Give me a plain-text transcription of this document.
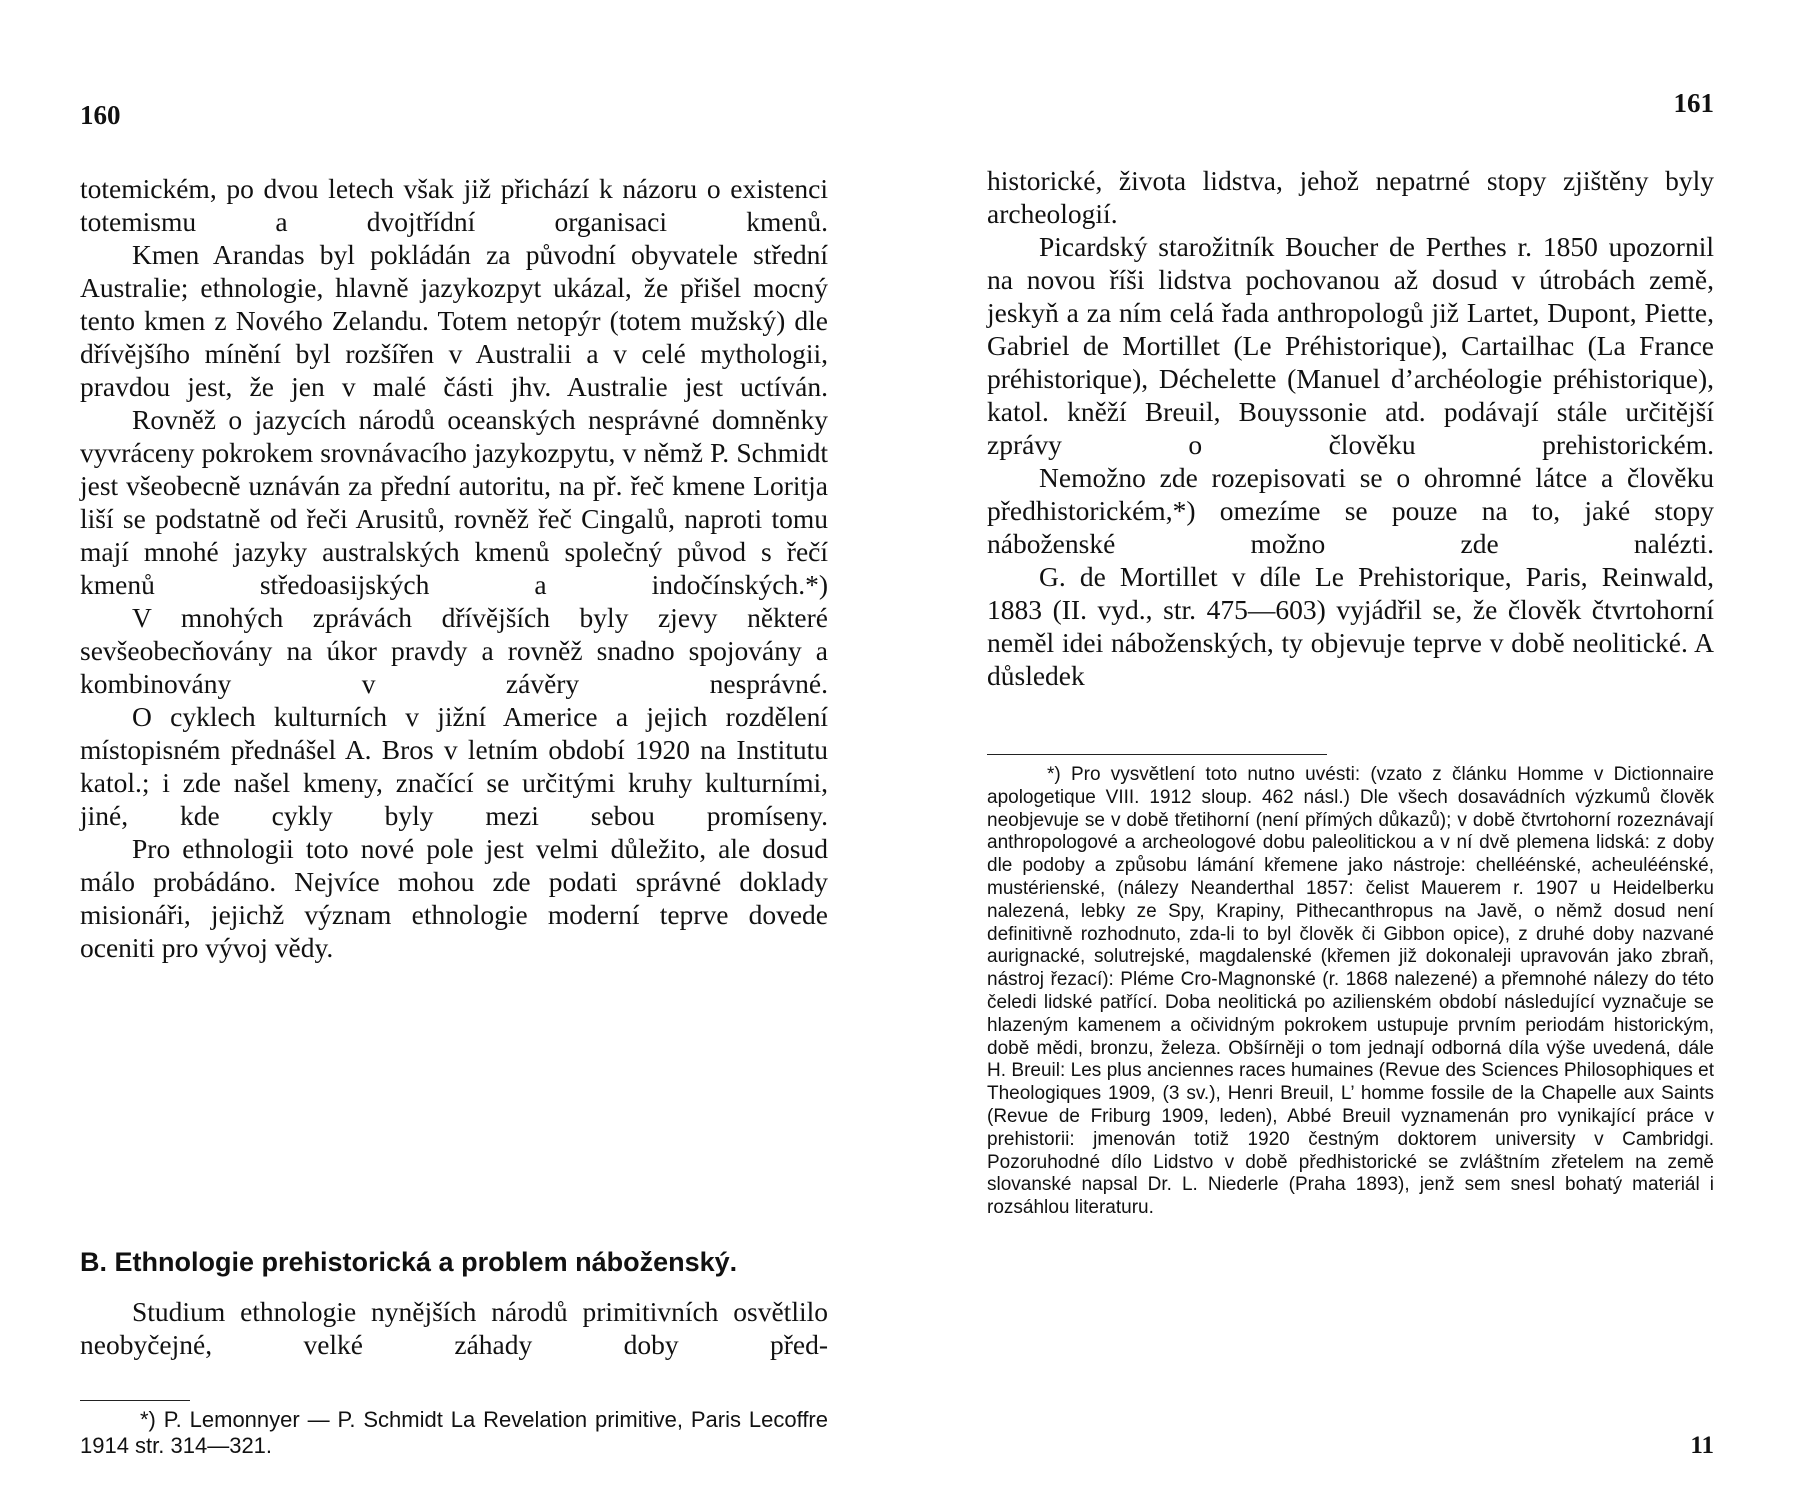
160

totemickém, po dvou letech však již přichází k názoru o existenci totemismu a dvojtřídní organisaci kmenů.

Kmen Arandas byl pokládán za původní obyvatele střední Australie; ethnologie, hlavně jazykozpyt ukázal, že přišel mocný tento kmen z Nového Zelandu. Totem netopýr (totem mužský) dle dřívějšího mínění byl rozšířen v Australii a v celé mythologii, pravdou jest, že jen v malé části jhv. Australie jest uctíván.

Rovněž o jazycích národů oceanských nesprávné domněnky vyvráceny pokrokem srovnávacího jazykozpytu, v němž P. Schmidt jest všeobecně uznáván za přední autoritu, na př. řeč kmene Loritja liší se podstatně od řeči Arusitů, rovněž řeč Cingalů, naproti tomu mají mnohé jazyky australských kmenů společný původ s řečí kmenů středoasijských a indočínských.*)

V mnohých zprávách dřívějších byly zjevy některé sevšeobecňovány na úkor pravdy a rovněž snadno spojovány a kombinovány v závěry nesprávné.

O cyklech kulturních v jižní Americe a jejich rozdělení místopisném přednášel A. Bros v letním období 1920 na Institutu katol.; i zde našel kmeny, značící se určitými kruhy kulturními, jiné, kde cykly byly mezi sebou promíseny.

Pro ethnologii toto nové pole jest velmi důležito, ale dosud málo probádáno. Nejvíce mohou zde podati správné doklady misionáři, jejichž význam ethnologie moderní teprve dovede oceniti pro vývoj vědy.

B. Ethnologie prehistorická a problem náboženský.

Studium ethnologie nynějších národů primitivních osvětlilo neobyčejné, velké záhady doby před-

*) P. Lemonnyer — P. Schmidt La Revelation primitive, Paris Lecoffre 1914 str. 314—321.

161

historické, života lidstva, jehož nepatrné stopy zjištěny byly archeologií.

Picardský starožitník Boucher de Perthes r. 1850 upozornil na novou říši lidstva pochovanou až dosud v útrobách země, jeskyň a za ním celá řada anthropologů již Lartet, Dupont, Piette, Gabriel de Mortillet (Le Préhistorique), Cartailhac (La France préhistorique), Déchelette (Manuel d’archéologie préhistorique), katol. kněží Breuil, Bouyssonie atd. podávají stále určitější zprávy o člověku prehistorickém.

Nemožno zde rozepisovati se o ohromné látce a člověku předhistorickém,*) omezíme se pouze na to, jaké stopy náboženské možno zde nalézti.

G. de Mortillet v díle Le Prehistorique, Paris, Reinwald, 1883 (II. vyd., str. 475—603) vyjádřil se, že člověk čtvrtohorní neměl idei náboženských, ty objevuje teprve v době neolitické. A důsledek

*) Pro vysvětlení toto nutno uvésti: (vzato z článku Homme v Dictionnaire apologetique VIII. 1912 sloup. 462 násl.) Dle všech dosavádních výzkumů člověk neobjevuje se v době třetihorní (není přímých důkazů); v době čtvrtohorní rozeznávají anthropologové a archeologové dobu paleolitickou a v ní dvě plemena lidská: z doby dle podoby a způsobu lámání křemene jako nástroje: chelléénské, acheuléénské, mustérienské, (nálezy Neanderthal 1857: čelist Mauerem r. 1907 u Heidelberku nalezená, lebky ze Spy, Krapiny, Pithecanthropus na Javě, o němž dosud není definitivně rozhodnuto, zda-li to byl člověk či Gibbon opice), z druhé doby nazvané aurignacké, solutrejské, magdalenské (křemen již dokonaleji upravován jako zbraň, nástroj řezací): Pléme Cro-Magnonské (r. 1868 nalezené) a přemnohé nálezy do této čeledi lidské patřící. Doba neolitická po azilienském období následující vyznačuje se hlazeným kamenem a očividným pokrokem ustupuje prvním periodám historickým, době mědi, bronzu, železa. Obšírněji o tom jednají odborná díla výše uvedená, dále H. Breuil: Les plus anciennes races humaines (Revue des Sciences Philosophiques et Theologiques 1909, (3 sv.), Henri Breuil, L’ homme fossile de la Chapelle aux Saints (Revue de Friburg 1909, leden), Abbé Breuil vyznamenán pro vynikající práce v prehistorii: jmenován totiž 1920 čestným doktorem university v Cambridgi. Pozoruhodné dílo Lidstvo v době předhistorické se zvláštním zřetelem na země slovanské napsal Dr. L. Niederle (Praha 1893), jenž sem snesl bohatý materiál i rozsáhlou literaturu.

11
